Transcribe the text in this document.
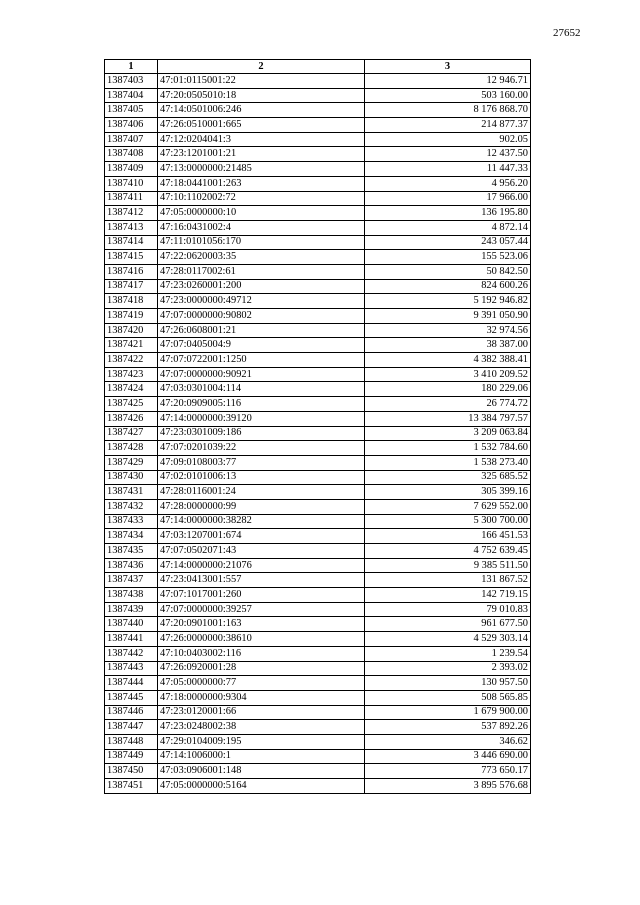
27652
1	2	3
1387403	47:01:0115001:22	12 946.71
1387404	47:20:0505010:18	503 160.00
1387405	47:14:0501006:246	8 176 868.70
1387406	47:26:0510001:665	214 877.37
1387407	47:12:0204041:3	902.05
1387408	47:23:1201001:21	12 437.50
1387409	47:13:0000000:21485	11 447.33
1387410	47:18:0441001:263	4 956.20
1387411	47:10:1102002:72	17 966.00
1387412	47:05:0000000:10	136 195.80
1387413	47:16:0431002:4	4 872.14
1387414	47:11:0101056:170	243 057.44
1387415	47:22:0620003:35	155 523.06
1387416	47:28:0117002:61	50 842.50
1387417	47:23:0260001:200	824 600.26
1387418	47:23:0000000:49712	5 192 946.82
1387419	47:07:0000000:90802	9 391 050.90
1387420	47:26:0608001:21	32 974.56
1387421	47:07:0405004:9	38 387.00
1387422	47:07:0722001:1250	4 382 388.41
1387423	47:07:0000000:90921	3 410 209.52
1387424	47:03:0301004:114	180 229.06
1387425	47:20:0909005:116	26 774.72
1387426	47:14:0000000:39120	13 384 797.57
1387427	47:23:0301009:186	3 209 063.84
1387428	47:07:0201039:22	1 532 784.60
1387429	47:09:0108003:77	1 538 273.40
1387430	47:02:0101006:13	325 685.52
1387431	47:28:0116001:24	305 399.16
1387432	47:28:0000000:99	7 629 552.00
1387433	47:14:0000000:38282	5 300 700.00
1387434	47:03:1207001:674	166 451.53
1387435	47:07:0502071:43	4 752 639.45
1387436	47:14:0000000:21076	9 385 511.50
1387437	47:23:0413001:557	131 867.52
1387438	47:07:1017001:260	142 719.15
1387439	47:07:0000000:39257	79 010.83
1387440	47:20:0901001:163	961 677.50
1387441	47:26:0000000:38610	4 529 303.14
1387442	47:10:0403002:116	1 239.54
1387443	47:26:0920001:28	2 393.02
1387444	47:05:0000000:77	130 957.50
1387445	47:18:0000000:9304	508 565.85
1387446	47:23:0120001:66	1 679 900.00
1387447	47:23:0248002:38	537 892.26
1387448	47:29:0104009:195	346.62
1387449	47:14:1006000:1	3 446 690.00
1387450	47:03:0906001:148	773 650.17
1387451	47:05:0000000:5164	3 895 576.68
